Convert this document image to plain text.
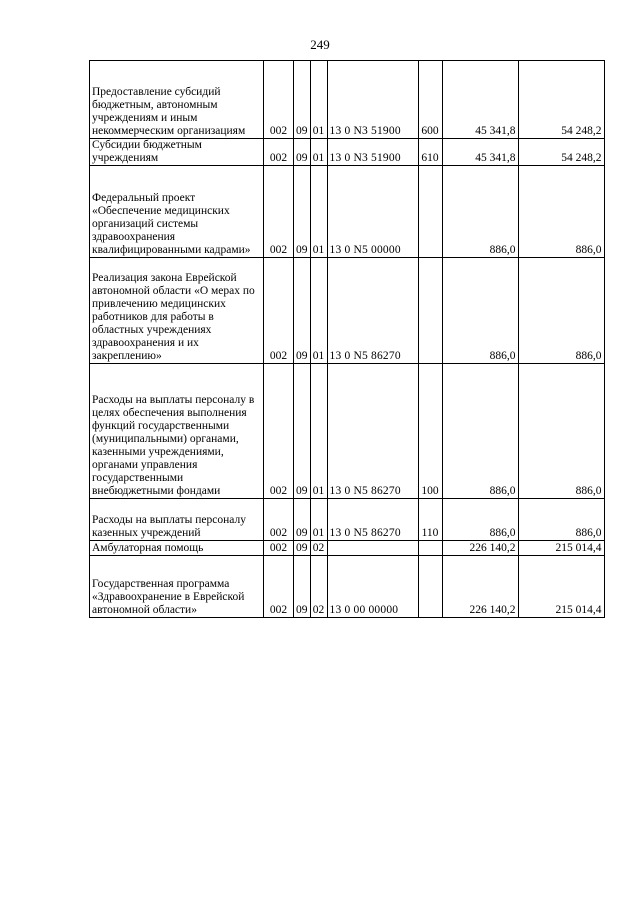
249
Предоставление субсидий бюджетным, автономным учреждениям и иным некоммерческим организациям	002	09	01	13 0 N3 51900	600	45 341,8	54 248,2
Субсидии бюджетным учреждениям	002	09	01	13 0 N3 51900	610	45 341,8	54 248,2
Федеральный проект «Обеспечение медицинских организаций системы здравоохранения квалифицированными кадрами»	002	09	01	13 0 N5 00000		886,0	886,0
Реализация закона Еврейской автономной области «О мерах по привлечению медицинских работников для работы в областных учреждениях здравоохранения и их закреплению»	002	09	01	13 0 N5 86270		886,0	886,0
Расходы на выплаты персоналу в целях обеспечения выполнения функций государственными (муниципальными) органами, казенными учреждениями, органами управления государственными внебюджетными фондами	002	09	01	13 0 N5 86270	100	886,0	886,0
Расходы на выплаты персоналу казенных учреждений	002	09	01	13 0 N5 86270	110	886,0	886,0
Амбулаторная помощь	002	09	02			226 140,2	215 014,4
Государственная программа «Здравоохранение в Еврейской автономной области»	002	09	02	13 0 00 00000		226 140,2	215 014,4
